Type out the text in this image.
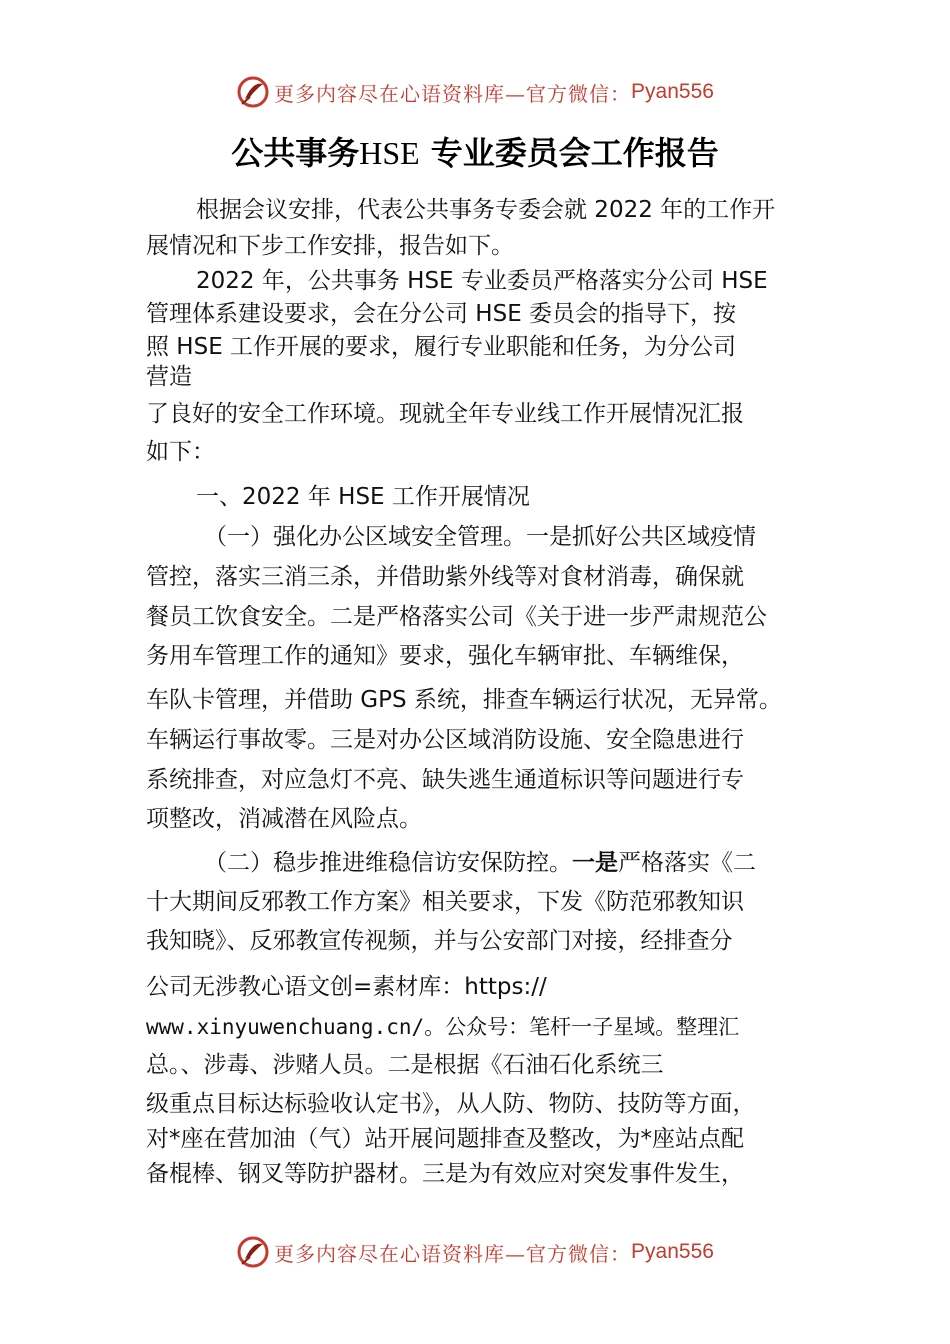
更多内容尽在心语资料库—官方微信： Pyan556
公共事务HSE 专业委员会工作报告
根据会议安排，代表公共事务专委会就 2022 年的工作开
展情况和下步工作安排，报告如下。
2022 年，公共事务 HSE 专业委员严格落实分公司 HSE
管理体系建设要求，会在分公司 HSE 委员会的指导下，按
照 HSE 工作开展的要求，履行专业职能和任务，为分公司
营造
了良好的安全工作环境。现就全年专业线工作开展情况汇报
如下：
一、2022 年 HSE 工作开展情况
（一）强化办公区域安全管理。一是抓好公共区域疫情
管控，落实三消三杀，并借助紫外线等对食材消毒，确保就
餐员工饮食安全。二是严格落实公司《关于进一步严肃规范公
务用车管理工作的通知》要求，强化车辆审批、车辆维保，
车队卡管理，并借助 GPS 系统，排查车辆运行状况，无异常。
车辆运行事故零。三是对办公区域消防设施、安全隐患进行
系统排查，对应急灯不亮、缺失逃生通道标识等问题进行专
项整改，消减潜在风险点。
（二）稳步推进维稳信访安保防控。一是严格落实《二
十大期间反邪教工作方案》相关要求，下发《防范邪教知识
我知晓》、反邪教宣传视频，并与公安部门对接，经排查分
公司无涉教心语文创=素材库：https://
www.xinyuwenchuang.cn/。公众号：笔杆一子星域。整理汇
总。、涉毒、涉赌人员。二是根据《石油石化系统三
级重点目标达标验收认定书》，从人防、物防、技防等方面，
对*座在营加油（气）站开展问题排查及整改，为*座站点配
备棍棒、钢叉等防护器材。三是为有效应对突发事件发生，
更多内容尽在心语资料库—官方微信： Pyan556
